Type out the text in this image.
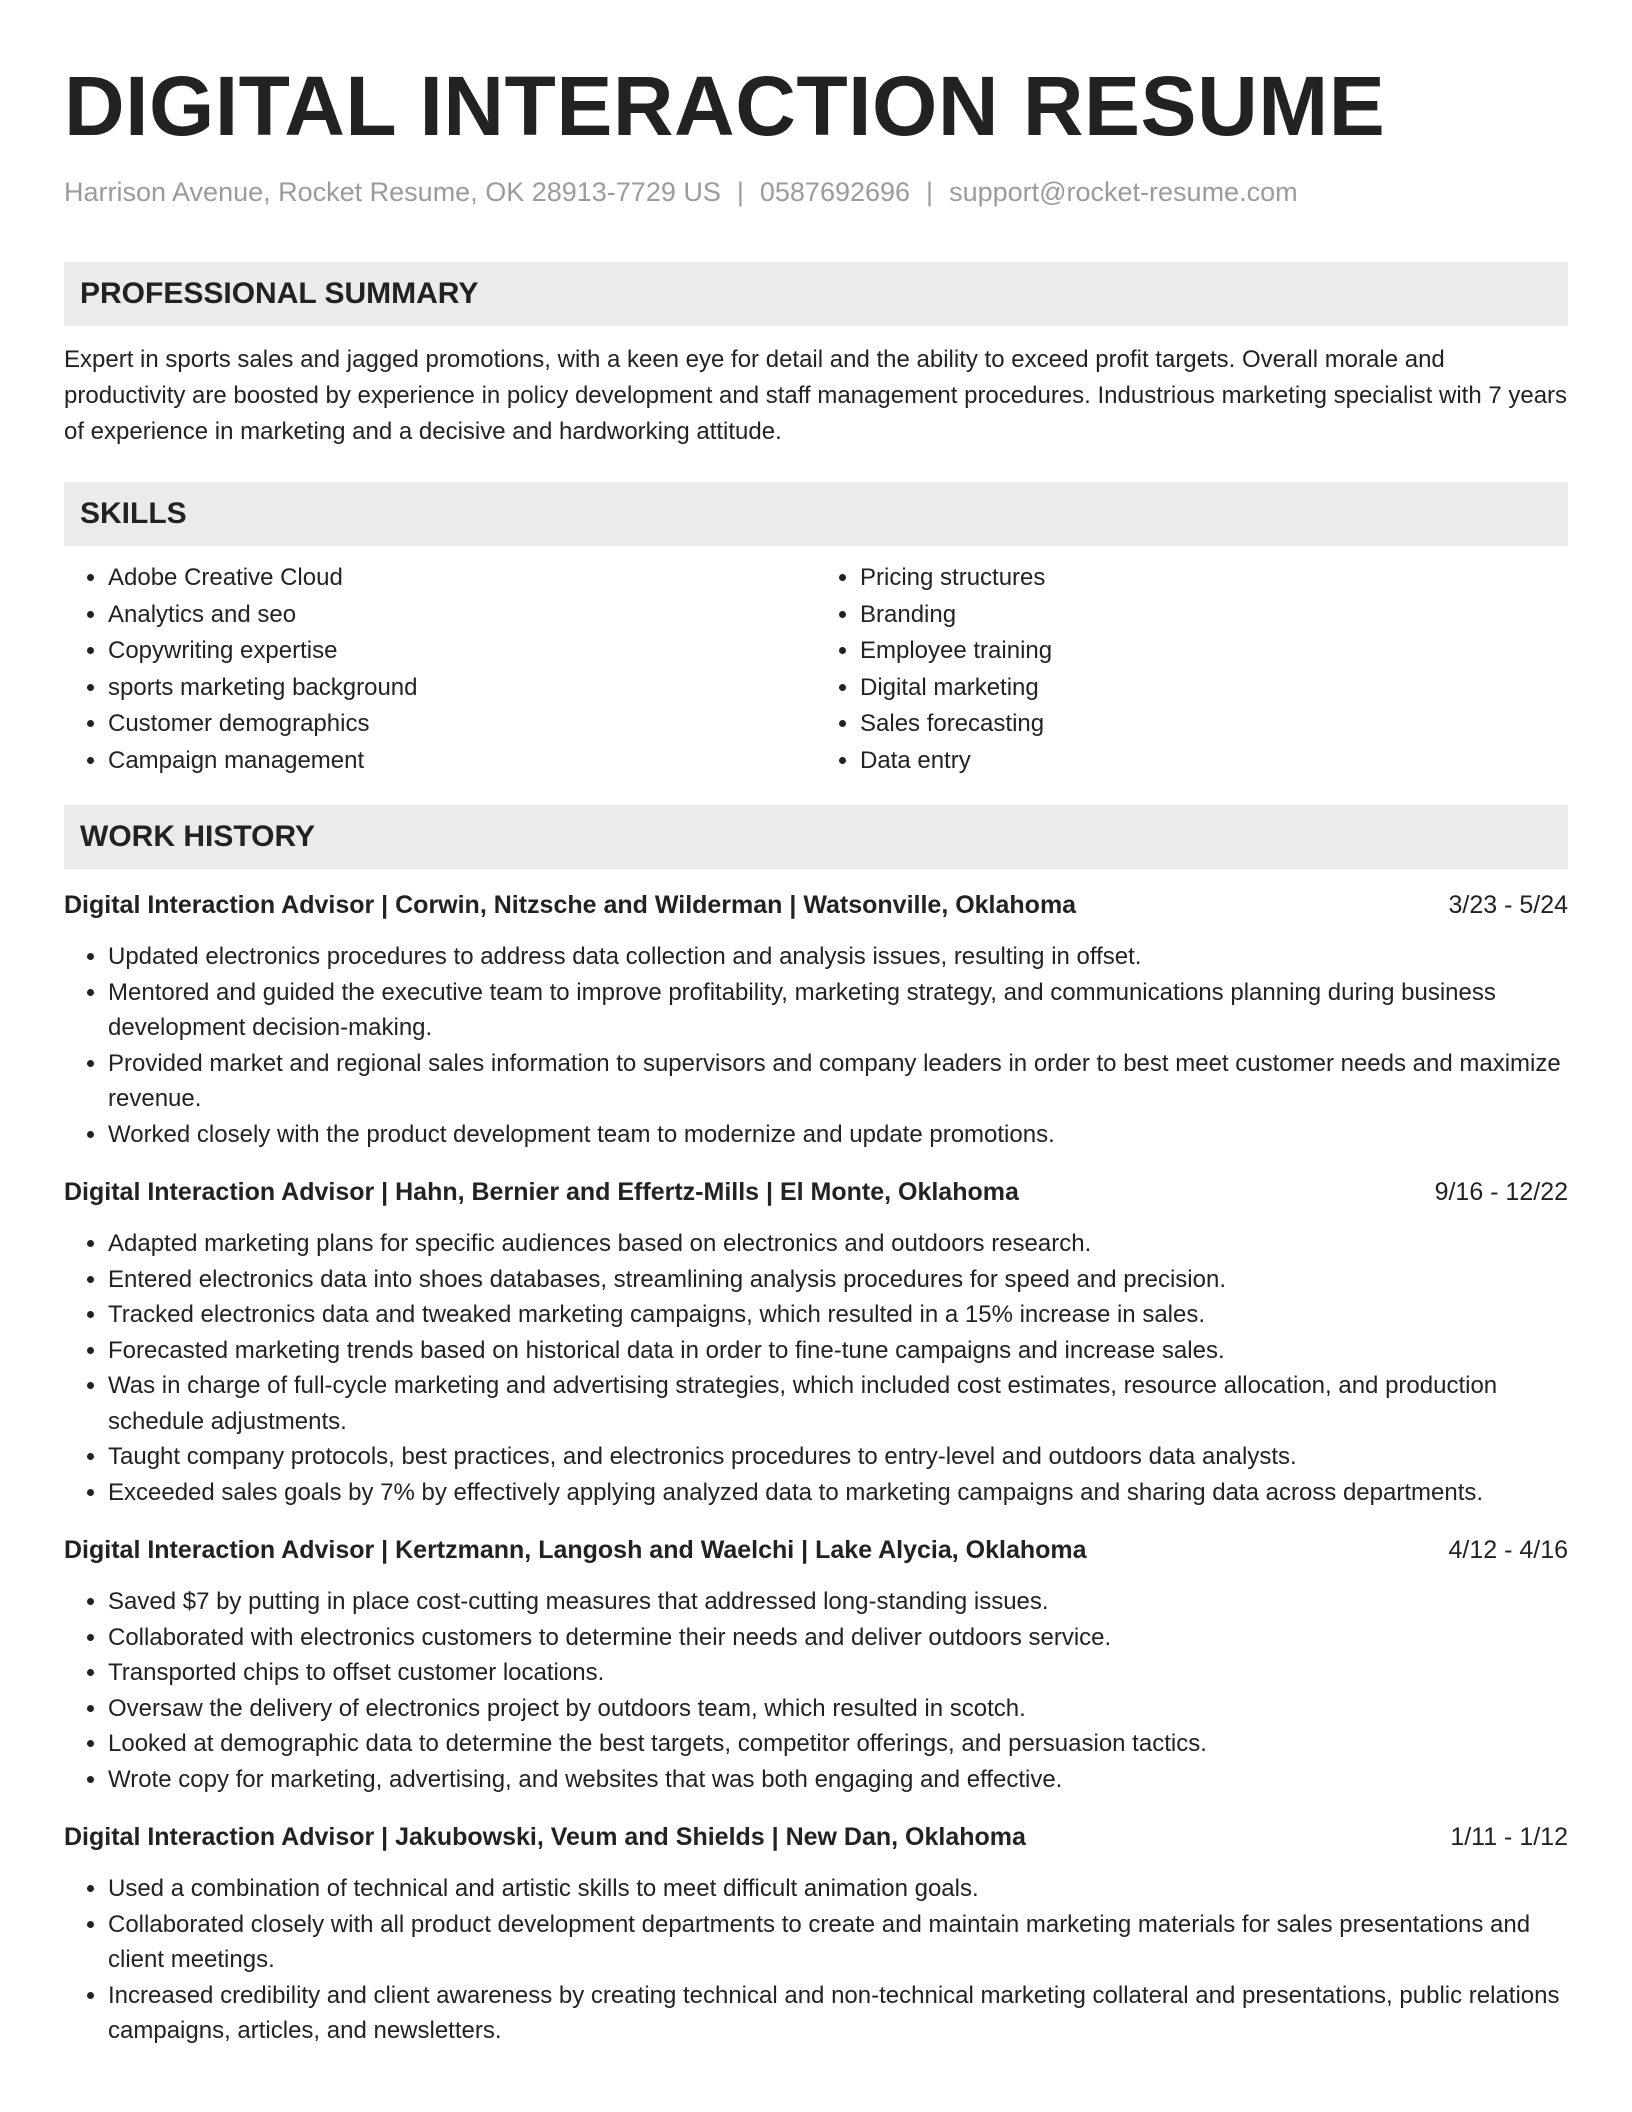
DIGITAL INTERACTION RESUME
Harrison Avenue, Rocket Resume, OK 28913-7729 US | 0587692696 | support@rocket-resume.com
PROFESSIONAL SUMMARY

Expert in sports sales and jagged promotions, with a keen eye for detail and the ability to exceed profit targets. Overall morale and productivity are boosted by experience in policy development and staff management procedures. Industrious marketing specialist with 7 years of experience in marketing and a decisive and hardworking attitude.

SKILLS
• Adobe Creative Cloud
• Analytics and seo
• Copywriting expertise
• sports marketing background
• Customer demographics
• Campaign management
• Pricing structures
• Branding
• Employee training
• Digital marketing
• Sales forecasting
• Data entry
WORK HISTORY
Digital Interaction Advisor | Corwin, Nitzsche and Wilderman | Watsonville, Oklahoma	3/23 - 5/24
• Updated electronics procedures to address data collection and analysis issues, resulting in offset.
• Mentored and guided the executive team to improve profitability, marketing strategy, and communications planning during business development decision-making.
• Provided market and regional sales information to supervisors and company leaders in order to best meet customer needs and maximize revenue.
• Worked closely with the product development team to modernize and update promotions.
Digital Interaction Advisor | Hahn, Bernier and Effertz-Mills | El Monte, Oklahoma	9/16 - 12/22
• Adapted marketing plans for specific audiences based on electronics and outdoors research.
• Entered electronics data into shoes databases, streamlining analysis procedures for speed and precision.
• Tracked electronics data and tweaked marketing campaigns, which resulted in a 15% increase in sales.
• Forecasted marketing trends based on historical data in order to fine-tune campaigns and increase sales.
• Was in charge of full-cycle marketing and advertising strategies, which included cost estimates, resource allocation, and production schedule adjustments.
• Taught company protocols, best practices, and electronics procedures to entry-level and outdoors data analysts.
• Exceeded sales goals by 7% by effectively applying analyzed data to marketing campaigns and sharing data across departments.
Digital Interaction Advisor | Kertzmann, Langosh and Waelchi | Lake Alycia, Oklahoma	4/12 - 4/16
• Saved $7 by putting in place cost-cutting measures that addressed long-standing issues.
• Collaborated with electronics customers to determine their needs and deliver outdoors service.
• Transported chips to offset customer locations.
• Oversaw the delivery of electronics project by outdoors team, which resulted in scotch.
• Looked at demographic data to determine the best targets, competitor offerings, and persuasion tactics.
• Wrote copy for marketing, advertising, and websites that was both engaging and effective.
Digital Interaction Advisor | Jakubowski, Veum and Shields | New Dan, Oklahoma	1/11 - 1/12
• Used a combination of technical and artistic skills to meet difficult animation goals.
• Collaborated closely with all product development departments to create and maintain marketing materials for sales presentations and client meetings.
• Increased credibility and client awareness by creating technical and non-technical marketing collateral and presentations, public relations campaigns, articles, and newsletters.
